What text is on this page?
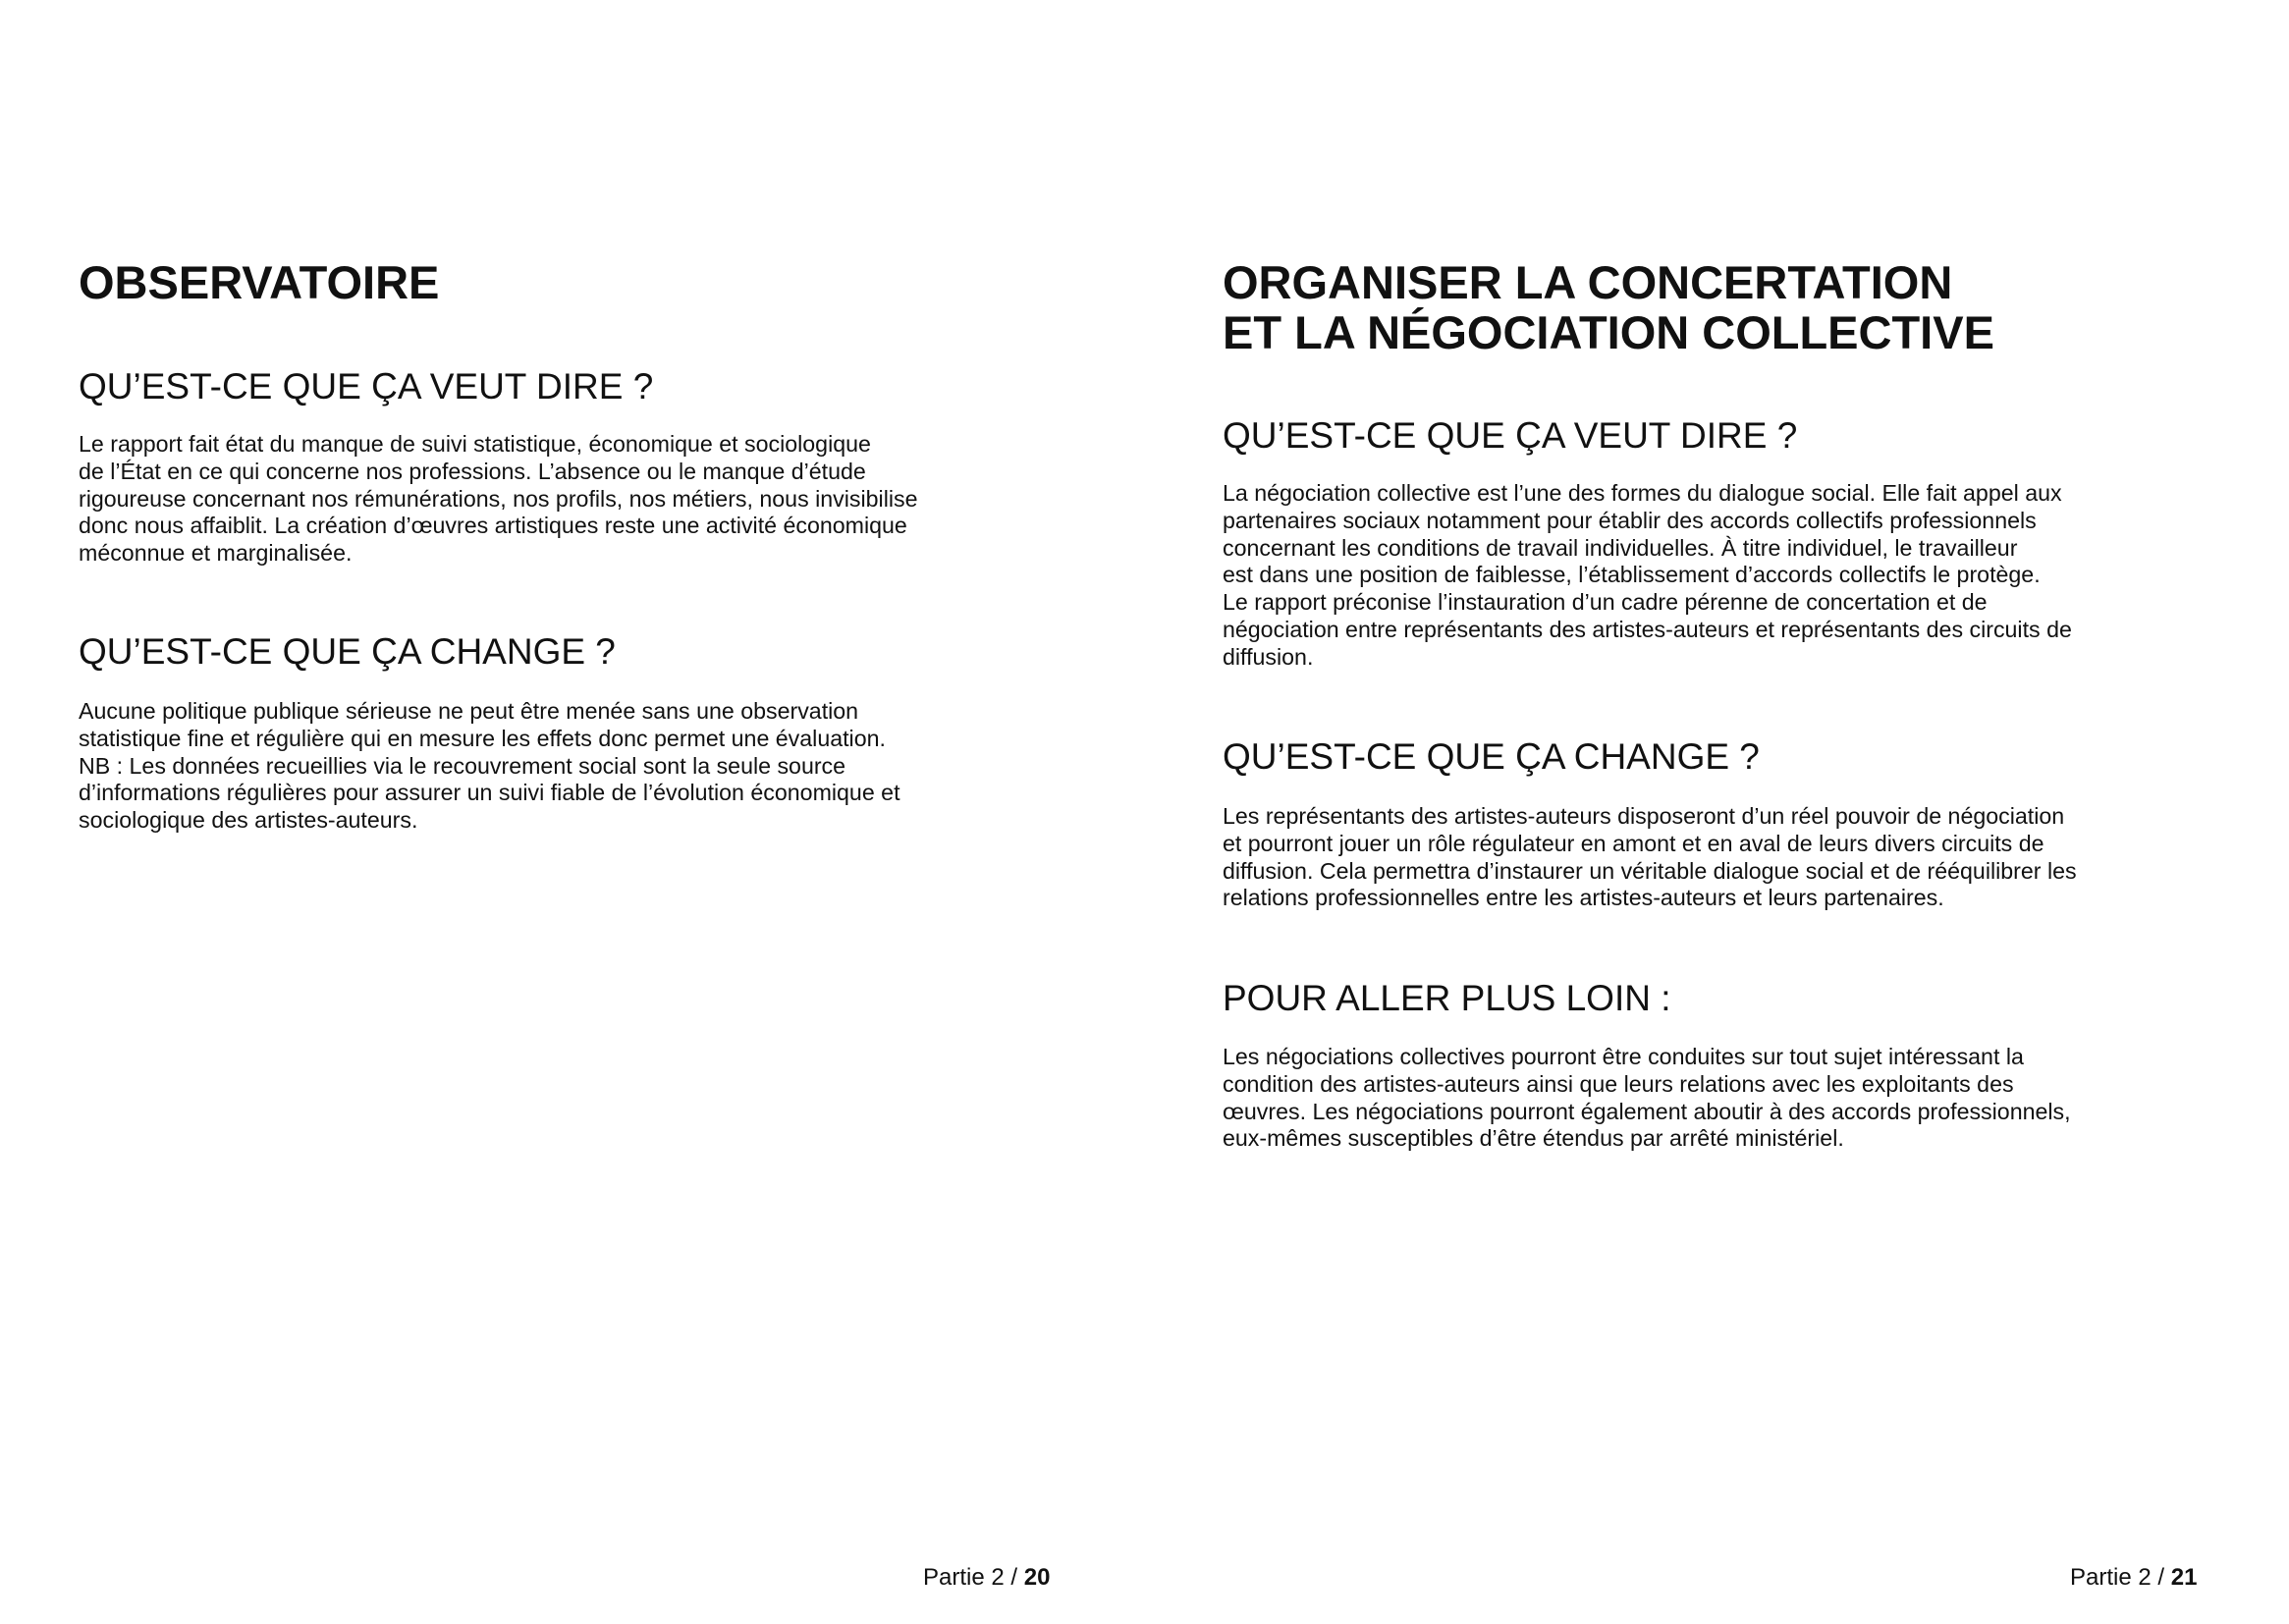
OBSERVATOIRE
QU’EST-CE QUE ÇA VEUT DIRE ?
Le rapport fait état du manque de suivi statistique, économique et sociologique
de l’État en ce qui concerne nos professions. L’absence ou le manque d’étude
rigoureuse concernant nos rémunérations, nos profils, nos métiers, nous invisibilise
donc nous affaiblit. La création d’œuvres artistiques reste une activité économique
méconnue et marginalisée.
QU’EST-CE QUE ÇA CHANGE ?
Aucune politique publique sérieuse ne peut être menée sans une observation
statistique fine et régulière qui en mesure les effets donc permet une évaluation.
NB : Les données recueillies via le recouvrement social sont la seule source
d’informations régulières pour assurer un suivi fiable de l’évolution économique et
sociologique des artistes-auteurs.
Partie 2 / 20
ORGANISER LA CONCERTATION
ET LA NÉGOCIATION COLLECTIVE
QU’EST-CE QUE ÇA VEUT DIRE ?
La négociation collective est l’une des formes du dialogue social. Elle fait appel aux
partenaires sociaux notamment pour établir des accords collectifs professionnels
concernant les conditions de travail individuelles. À titre individuel, le travailleur
est dans une position de faiblesse, l’établissement d’accords collectifs le protège.
Le rapport préconise l’instauration d’un cadre pérenne de concertation et de
négociation entre représentants des artistes-auteurs et représentants des circuits de
diffusion.
QU’EST-CE QUE ÇA CHANGE ?
Les représentants des artistes-auteurs disposeront d’un réel pouvoir de négociation
et pourront jouer un rôle régulateur en amont et en aval de leurs divers circuits de
diffusion. Cela permettra d’instaurer un véritable dialogue social et de rééquilibrer les
relations professionnelles entre les artistes-auteurs et leurs partenaires.
POUR ALLER PLUS LOIN :
Les négociations collectives pourront être conduites sur tout sujet intéressant la
condition des artistes-auteurs ainsi que leurs relations avec les exploitants des
œuvres. Les négociations pourront également aboutir à des accords professionnels,
eux-mêmes susceptibles d’être étendus par arrêté ministériel.
Partie 2 / 21
